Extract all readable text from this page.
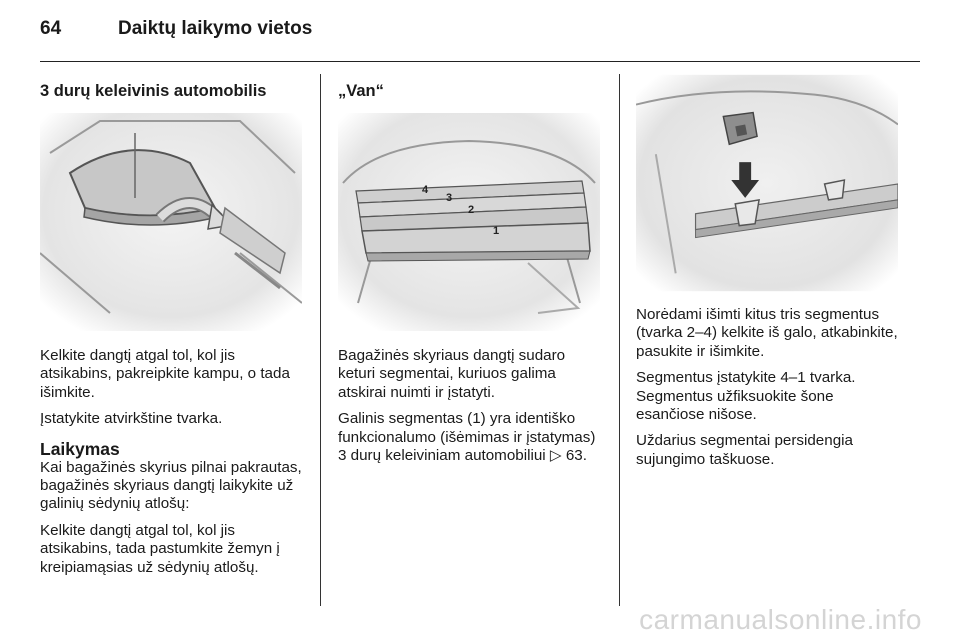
64	Daiktų laikymo vietos
3 durų keleivinis automobilis

Kelkite dangtį atgal tol, kol jis atsikabins, pakreipkite kampu, o tada išimkite.

Įstatykite atvirkštine tvarka.

Laikymas

Kai bagažinės skyrius pilnai pakrautas, bagažinės skyriaus dangtį laikykite už galinių sėdynių atlošų:

Kelkite dangtį atgal tol, kol jis atsikabins, tada pastumkite žemyn į kreipiamąsias už sėdynių atlošų.

„Van“
4
3
2
1

Bagažinės skyriaus dangtį sudaro keturi segmentai, kuriuos galima atskirai nuimti ir įstatyti.

Galinis segmentas (1) yra identiško funkcionalumo (išėmimas ir įstatymas) 3 durų keleiviniam automobiliui ▷ 63.

Norėdami išimti kitus tris segmentus (tvarka 2–4) kelkite iš galo, atkabinkite, pasukite ir išimkite.

Segmentus įstatykite 4–1 tvarka. Segmentus užfiksuokite šone esančiose nišose.

Uždarius segmentai persidengia sujungimo taškuose.

carmanualsonline.info
